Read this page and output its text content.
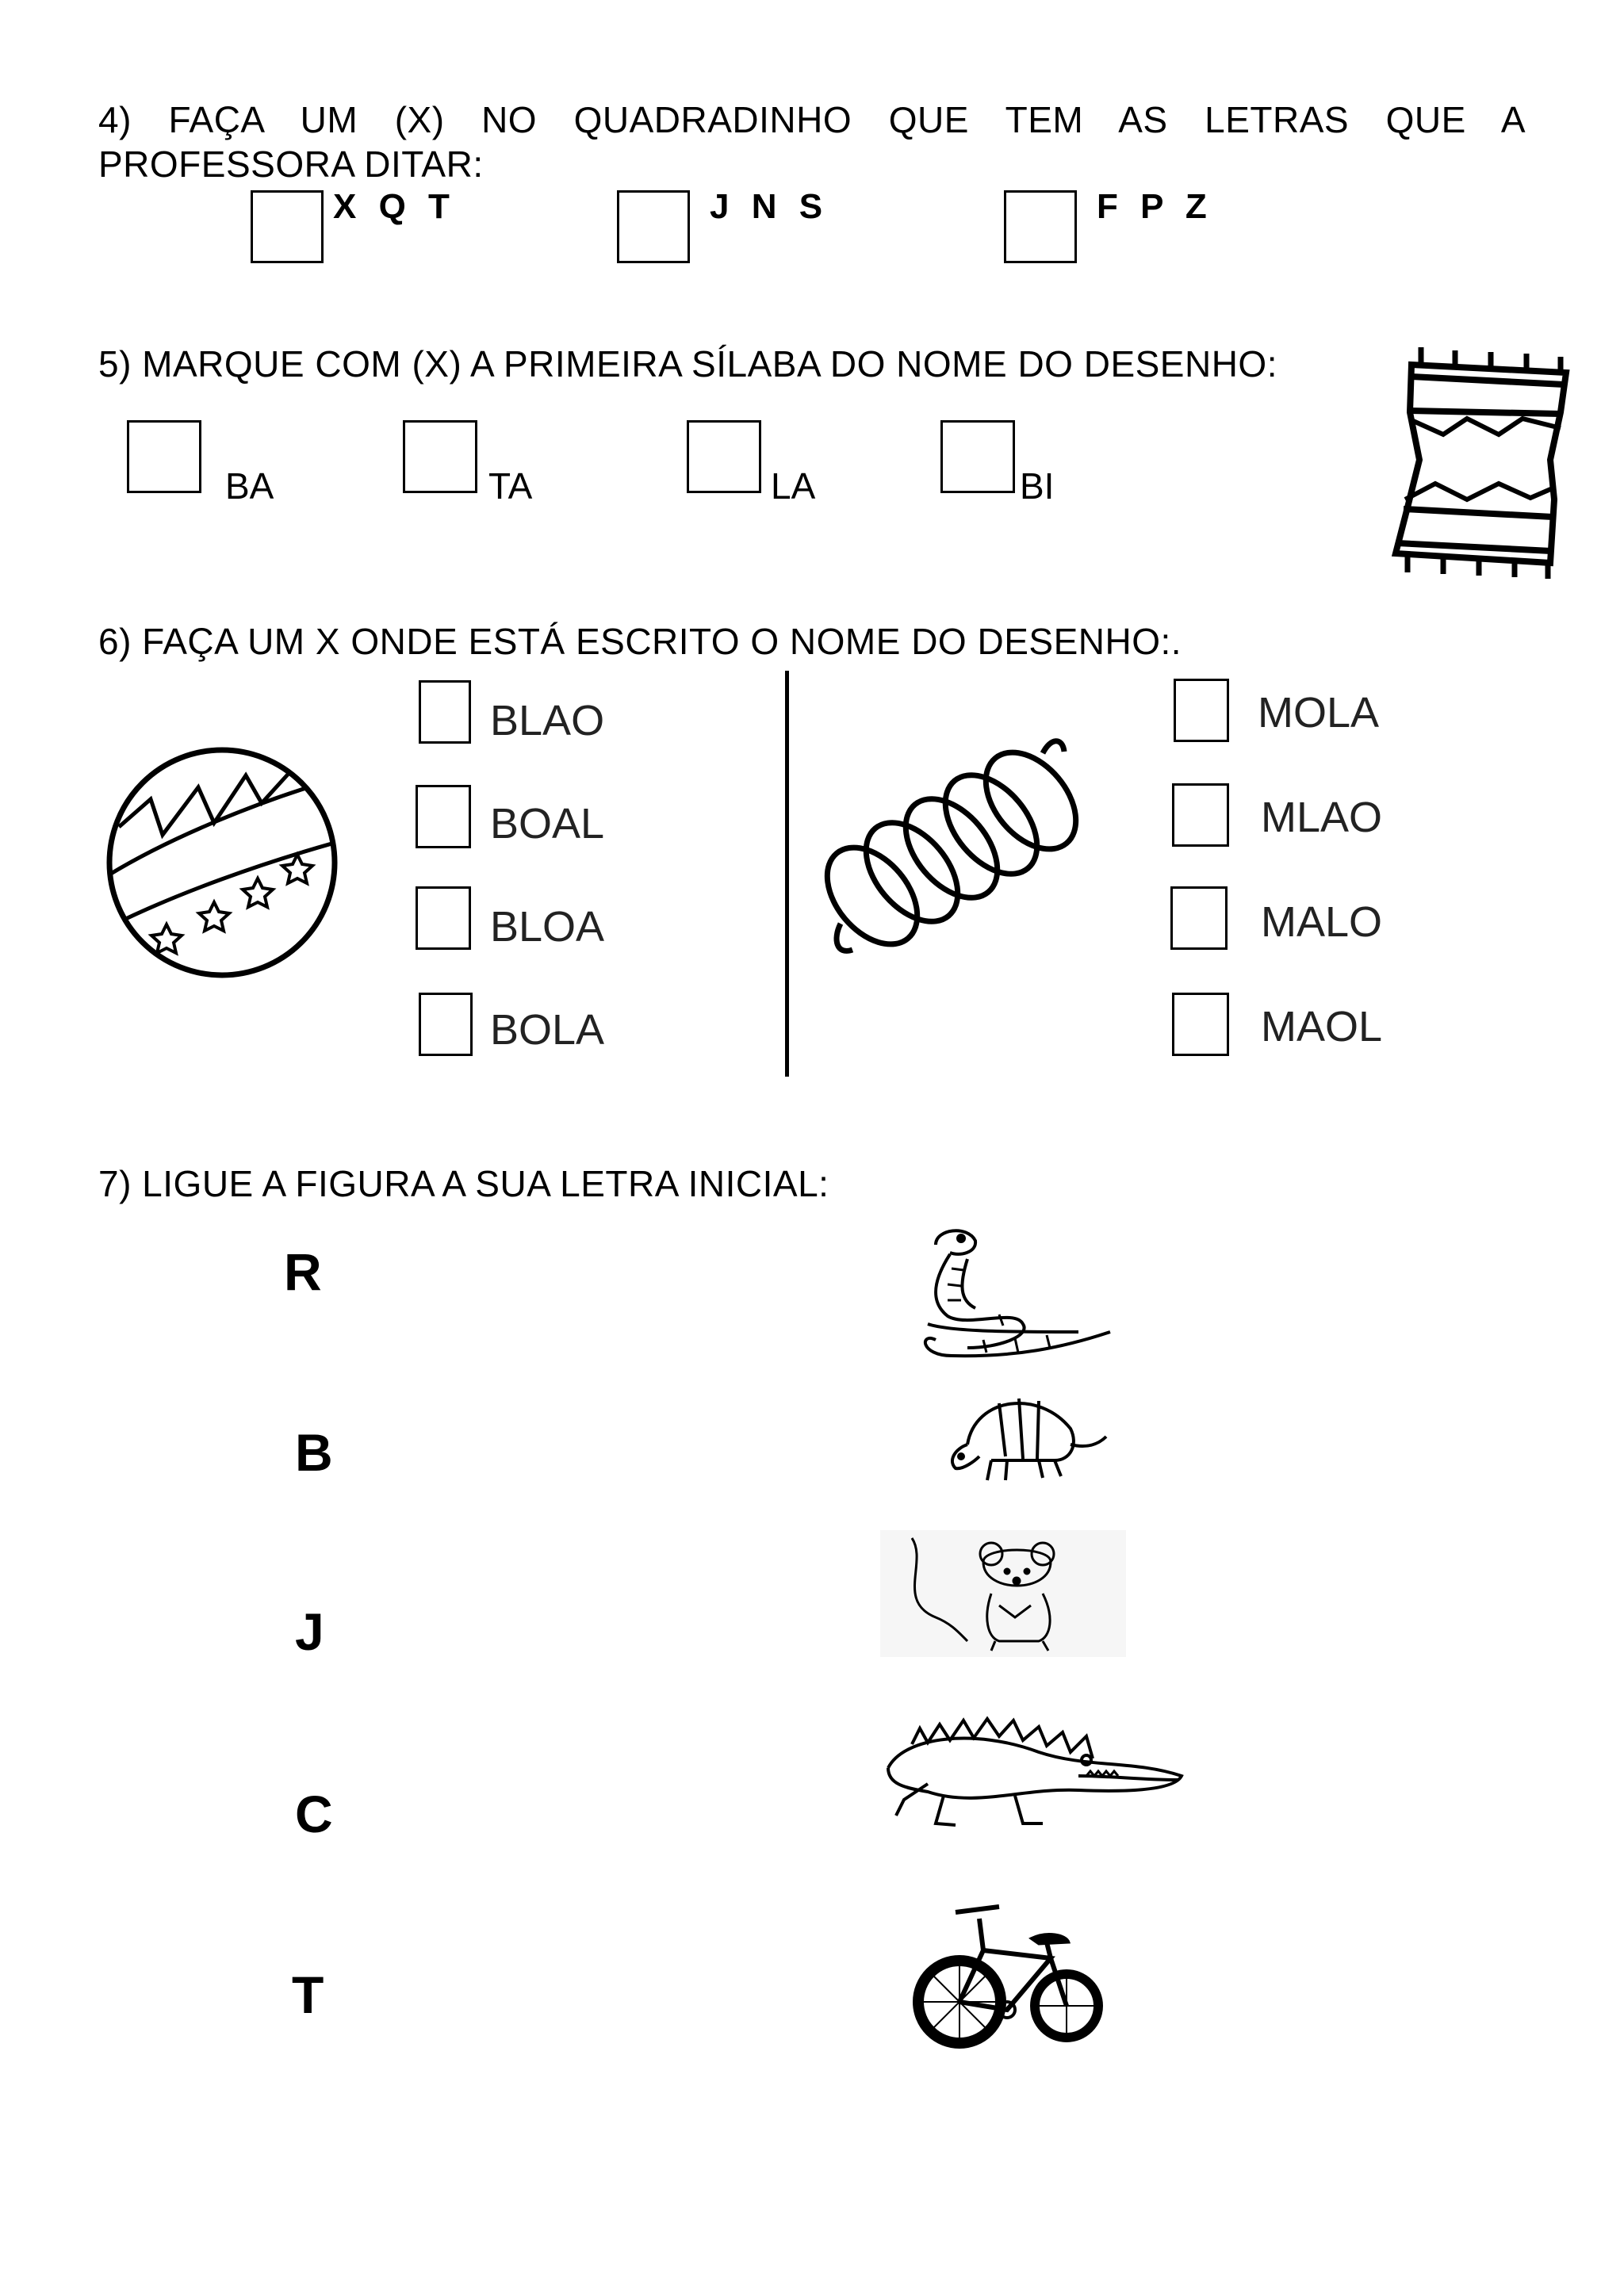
4) FAÇA UM (X) NO QUADRADINHO QUE TEM AS LETRAS QUE A
PROFESSORA DITAR:
X Q T	J N S	F P Z
5) MARQUE COM (X) A PRIMEIRA SÍLABA DO NOME DO DESENHO:
BA	TA	LA	BI
6) FAÇA UM X ONDE ESTÁ ESCRITO O NOME DO DESENHO:.
BLAO
BOAL
BLOA
BOLA
MOLA
MLAO
MALO
MAOL
7) LIGUE A FIGURA A SUA LETRA INICIAL:
R
B
J
C
T
